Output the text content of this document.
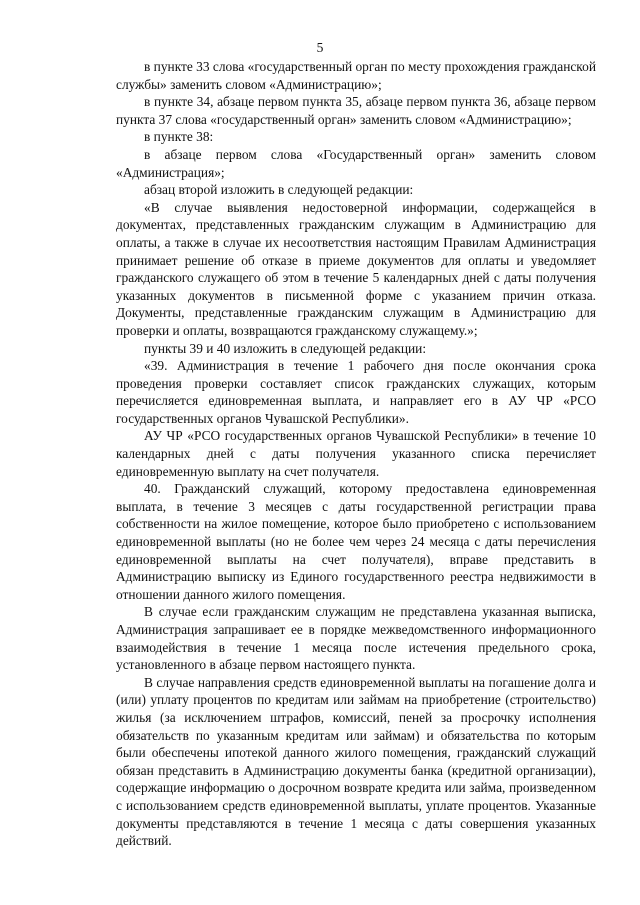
5

в пункте 33 слова «государственный орган по месту прохождения гражданской службы» заменить словом «Администрацию»;

в пункте 34, абзаце первом пункта 35, абзаце первом пункта 36, абзаце первом пункта 37 слова «государственный орган» заменить словом «Администрацию»;

в пункте 38:

в абзаце первом слова «Государственный орган» заменить словом «Администрация»;

абзац второй изложить в следующей редакции:

«В случае выявления недостоверной информации, содержащейся в документах, представленных гражданским служащим в Администрацию для оплаты, а также в случае их несоответствия настоящим Правилам Администрация принимает решение об отказе в приеме документов для оплаты и уведомляет гражданского служащего об этом в течение 5 календарных дней с даты получения указанных документов в письменной форме с указанием причин отказа. Документы, представленные гражданским служащим в Администрацию для проверки и оплаты, возвращаются гражданскому служащему.»;

пункты 39 и 40 изложить в следующей редакции:

«39. Администрация в течение 1 рабочего дня после окончания срока проведения проверки составляет список гражданских служащих, которым перечисляется единовременная выплата, и направляет его в АУ ЧР «РСО государственных органов Чувашской Республики».

АУ ЧР «РСО государственных органов Чувашской Республики» в течение 10 календарных дней с даты получения указанного списка перечисляет единовременную выплату на счет получателя.

40. Гражданский служащий, которому предоставлена единовременная выплата, в течение 3 месяцев с даты государственной регистрации права собственности на жилое помещение, которое было приобретено с использованием единовременной выплаты (но не более чем через 24 месяца с даты перечисления единовременной выплаты на счет получателя), вправе представить в Администрацию выписку из Единого государственного реестра недвижимости в отношении данного жилого помещения.

В случае если гражданским служащим не представлена указанная выписка, Администрация запрашивает ее в порядке межведомственного информационного взаимодействия в течение 1 месяца после истечения предельного срока, установленного в абзаце первом настоящего пункта.

В случае направления средств единовременной выплаты на погашение долга и (или) уплату процентов по кредитам или займам на приобретение (строительство) жилья (за исключением штрафов, комиссий, пеней за просрочку исполнения обязательств по указанным кредитам или займам) и обязательства по которым были обеспечены ипотекой данного жилого помещения, гражданский служащий обязан представить в Администрацию документы банка (кредитной организации), содержащие информацию о досрочном возврате кредита или займа, произведенном с использованием средств единовременной выплаты, уплате процентов. Указанные документы представляются в течение 1 месяца с даты совершения указанных действий.
